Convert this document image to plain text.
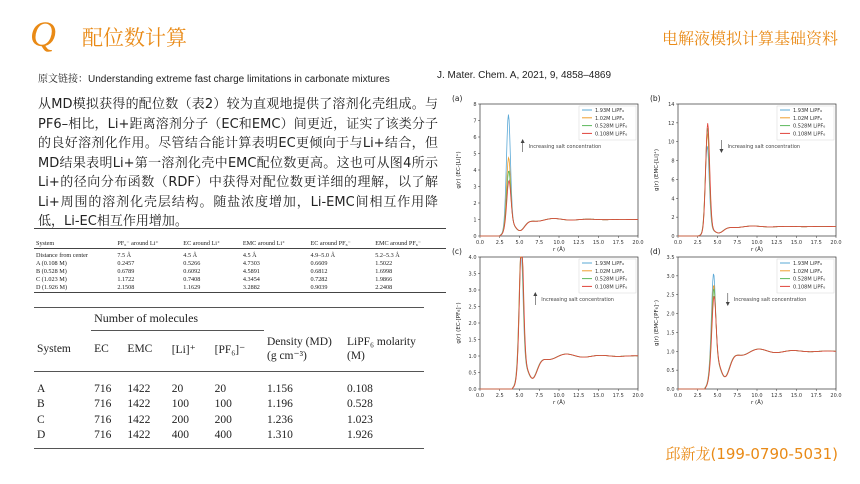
Q 配位数计算	电解液模拟计算基础资料
原文链接：Understanding extreme fast charge limitations in carbonate mixtures	J. Mater. Chem. A, 2021, 9, 4858–4869
从MD模拟获得的配位数（表2）较为直观地提供了溶剂化壳组成。与PF6–相比，Li+距离溶剂分子（EC和EMC）间更近，证实了该类分子的良好溶剂化作用。尽管结合能计算表明EC更倾向于与Li+结合，但MD结果表明Li+第一溶剂化壳中EMC配位数更高。这也可从图4所示Li+的径向分布函数（RDF）中获得对配位数更详细的理解，以了解Li+周围的溶剂化壳层结构。随盐浓度增加，Li-EMC间相互作用降低，Li-EC相互作用增加。
System	PF₆⁻ around Li⁺	EC around Li⁺	EMC around Li⁺	EC around PF₆⁻	EMC around PF₆⁻
Distance from center	7.5 Å	4.5 Å	4.5 Å	4.9–5.0 Å	5.2–5.3 Å
A (0.108 M)	0.2457	0.5266	4.7303	0.6609	1.5022
B (0.528 M)	0.6789	0.6092	4.5891	0.6812	1.6998
C (1.023 M)	1.1722	0.7408	4.3454	0.7282	1.9866
D (1.926 M)	2.1508	1.1629	3.2882	0.9039	2.2408
	Number of molecules					
System	EC	EMC	[Li]⁺	[PF₆]⁻	Density (MD) (g cm⁻³)	LiPF₆ molarity (M)
A	716	1422	20	20	1.156	0.108
B	716	1422	100	100	1.196	0.528
C	716	1422	200	200	1.236	1.023
D	716	1422	400	400	1.310	1.926
(a)
0
1
2
3
4
5
6
7
8
0.0 2.5 5.0 7.5 10.0 12.5 15.0 17.5 20.0
r (Å)
g(r) (EC-[Li]⁺)
1.93M LiPF₆
1.02M LiPF₆
0.528M LiPF₆
0.108M LiPF₆
Increasing salt concentration
(b)
0
2
4
6
8
10
12
14
0.0 2.5 5.0 7.5 10.0 12.5 15.0 17.5 20.0
r (Å)
g(r) (EMC-[Li]⁺)
1.93M LiPF₆
1.02M LiPF₆
0.528M LiPF₆
0.108M LiPF₆
Increasing salt concentration
(c)
0.0
0.5
1.0
1.5
2.0
2.5
3.0
3.5
4.0
0.0 2.5 5.0 7.5 10.0 12.5 15.0 17.5 20.0
r (Å)
g(r) (EC-[PF₆]⁻)
1.93M LiPF₆
1.02M LiPF₆
0.528M LiPF₆
0.108M LiPF₆
Increasing salt concentration
(d)
0.0
0.5
1.0
1.5
2.0
2.5
3.0
3.5
0.0 2.5 5.0 7.5 10.0 12.5 15.0 17.5 20.0
r (Å)
g(r) (EMC-[PF₆]⁻)
1.93M LiPF₆
1.02M LiPF₆
0.528M LiPF₆
0.108M LiPF₆
Increasing salt concentration
邱新龙(199-0790-5031)
